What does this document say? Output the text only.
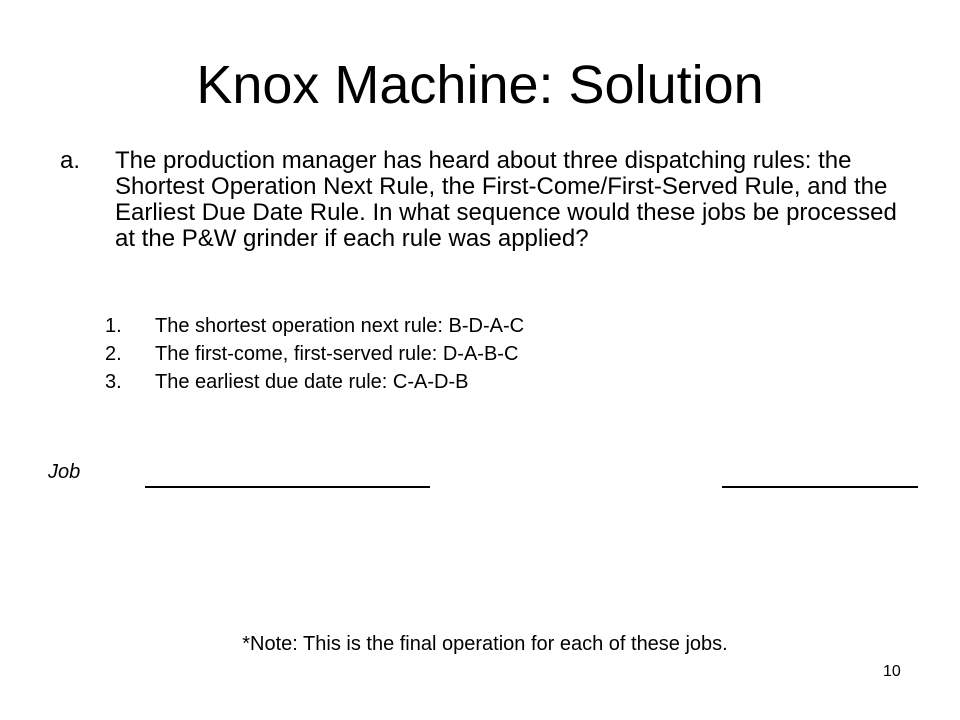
Knox Machine: Solution
a. The production manager has heard about three dispatching rules: the Shortest Operation Next Rule, the First-Come/First-Served Rule, and the Earliest Due Date Rule. In what sequence would these jobs be processed at the P&W grinder if each rule was applied?
1. The shortest operation next rule: B-D-A-C
2. The first-come, first-served rule: D-A-B-C
3. The earliest due date rule: C-A-D-B
Job
*Note: This is the final operation for each of these jobs.
10
